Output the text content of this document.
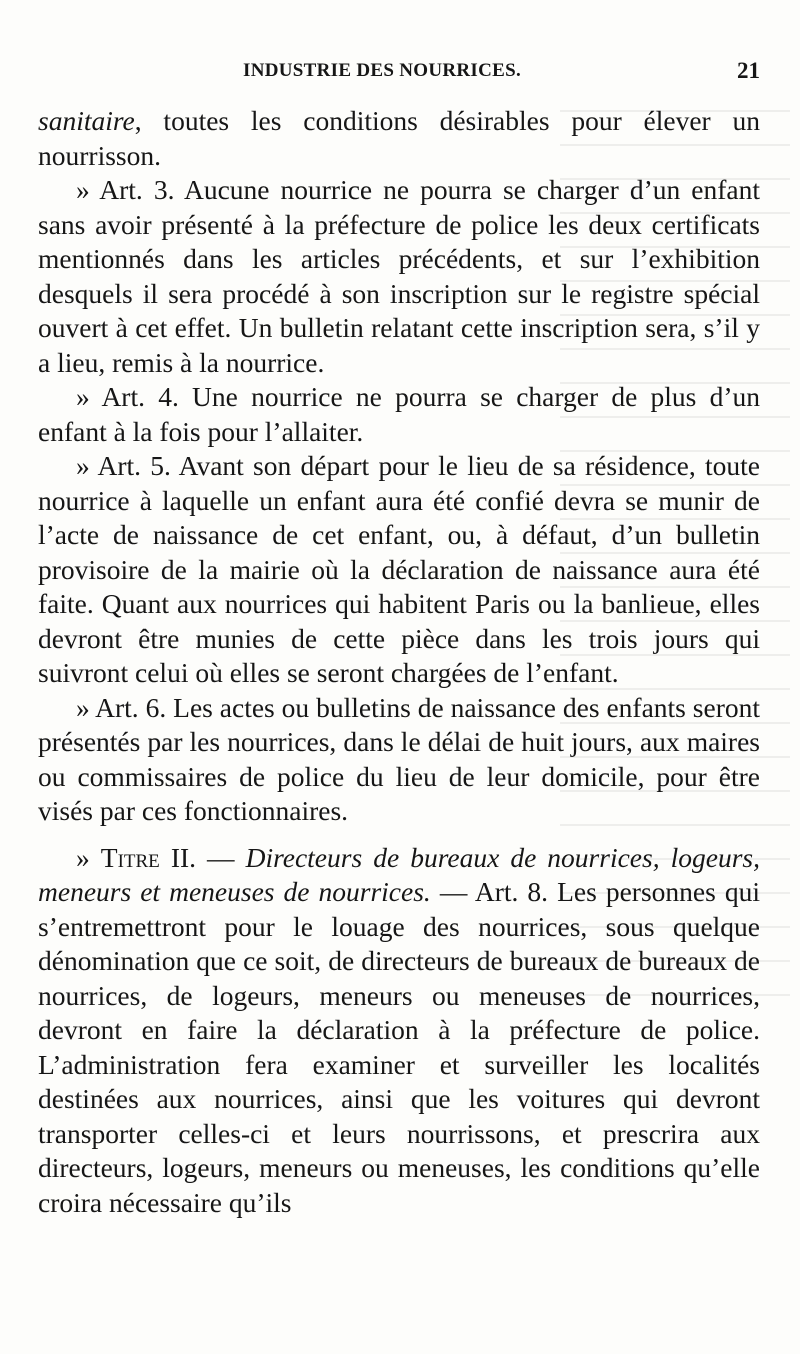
INDUSTRIE DES NOURRICES.	21

sanitaire, toutes les conditions désirables pour élever un nourrisson.

» Art. 3. Aucune nourrice ne pourra se charger d’un enfant sans avoir présenté à la préfecture de police les deux certificats mentionnés dans les articles précédents, et sur l’exhibition desquels il sera procédé à son inscription sur le registre spécial ouvert à cet effet. Un bulletin relatant cette inscription sera, s’il y a lieu, remis à la nourrice.

» Art. 4. Une nourrice ne pourra se charger de plus d’un enfant à la fois pour l’allaiter.

» Art. 5. Avant son départ pour le lieu de sa résidence, toute nourrice à laquelle un enfant aura été confié devra se munir de l’acte de naissance de cet enfant, ou, à défaut, d’un bulletin provisoire de la mairie où la déclaration de naissance aura été faite. Quant aux nourrices qui habitent Paris ou la banlieue, elles devront être munies de cette pièce dans les trois jours qui suivront celui où elles se seront chargées de l’enfant.

» Art. 6. Les actes ou bulletins de naissance des enfants seront présentés par les nourrices, dans le délai de huit jours, aux maires ou commissaires de police du lieu de leur domicile, pour être visés par ces fonctionnaires.

» Titre II. — Directeurs de bureaux de nourrices, logeurs, meneurs et meneuses de nourrices. — Art. 8. Les personnes qui s’entremettront pour le louage des nourrices, sous quelque dénomination que ce soit, de directeurs de bureaux de bureaux de nourrices, de logeurs, meneurs ou meneuses de nourrices, devront en faire la déclaration à la préfecture de police. L’administration fera examiner et surveiller les localités destinées aux nourrices, ainsi que les voitures qui devront transporter celles-ci et leurs nourrissons, et prescrira aux directeurs, logeurs, meneurs ou meneuses, les conditions qu’elle croira nécessaire qu’ils
